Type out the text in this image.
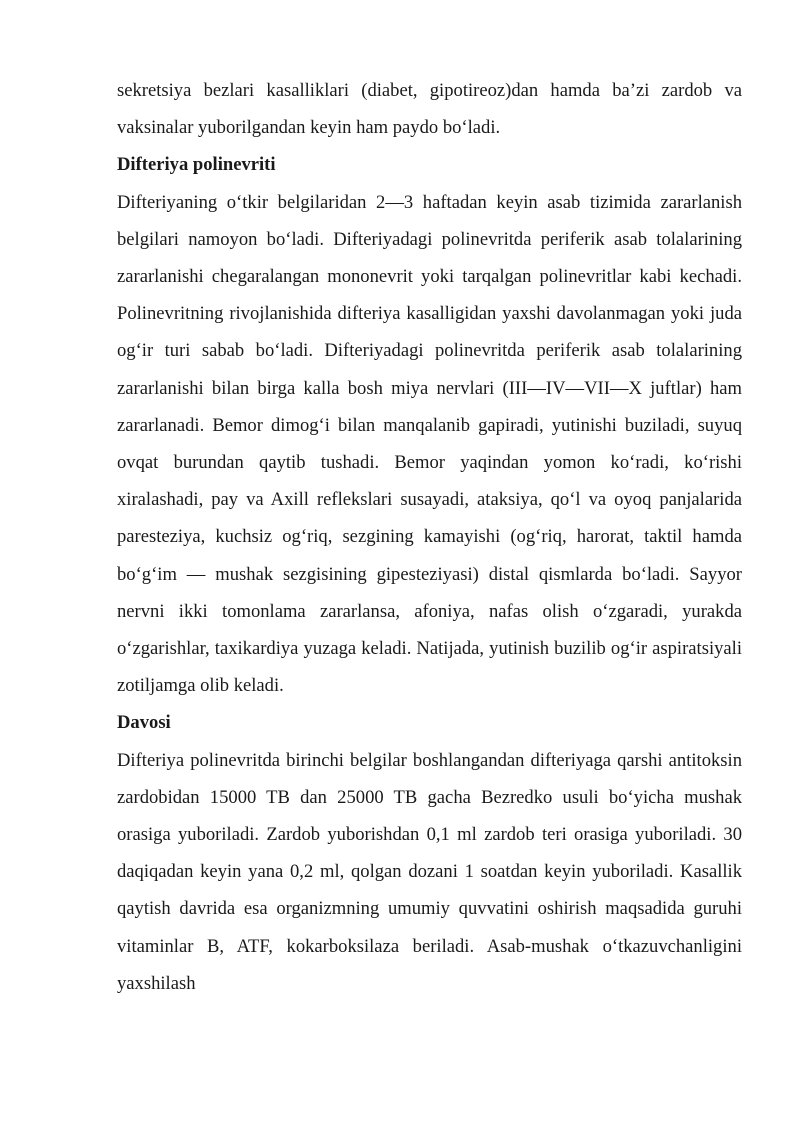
sekretsiya bezlari kasalliklari (diabet, gipotireoz)dan hamda ba’zi zardob va vaksinalar yuborilgandan keyin ham paydo bo‘ladi.

Difteriya polinevriti

Difteriyaning o‘tkir belgilaridan 2—3 haftadan keyin asab tizimida zararlanish belgilari namoyon bo‘ladi. Difteriyadagi polinevritda periferik asab tolalarining zararlanishi chegaralangan mononevrit yoki tarqalgan polinevritlar kabi kechadi. Polinevritning rivojlanishida difteriya kasalligidan yaxshi davolanmagan yoki juda og‘ir turi sabab bo‘ladi. Difteriyadagi polinevritda periferik asab tolalarining zararlanishi bilan birga kalla bosh miya nervlari (III—IV—VII—X juftlar) ham zararlanadi. Bemor dimog‘i bilan manqalanib gapiradi, yutinishi buziladi, suyuq ovqat burundan qaytib tushadi. Bemor yaqindan yomon ko‘radi, ko‘rishi xiralashadi, pay va Axill reflekslari susayadi, ataksiya, qo‘l va oyoq panjalarida paresteziya, kuchsiz og‘riq, sezgining kamayishi (og‘riq, harorat, taktil hamda bo‘g‘im — mushak sezgisining gipesteziyasi) distal qismlarda bo‘ladi. Sayyor nervni ikki tomonlama zararlansa, afoniya, nafas olish o‘zgaradi, yurakda o‘zgarishlar, taxikardiya yuzaga keladi. Natijada, yutinish buzilib og‘ir aspiratsiyali zotiljamga olib keladi.

Davosi

Difteriya polinevritda birinchi belgilar boshlangandan difteriyaga qarshi antitoksin zardobidan 15000 TB dan 25000 TB gacha Bezredko usuli bo‘yicha mushak orasiga yuboriladi. Zardob yuborishdan 0,1 ml zardob teri orasiga yuboriladi. 30 daqiqadan keyin yana 0,2 ml, qolgan dozani 1 soatdan keyin yuboriladi. Kasallik qaytish davrida esa organizmning umumiy quvvatini oshirish maqsadida guruhi vitaminlar B, ATF, kokarboksilaza beriladi. Asab-mushak o‘tkazuvchanligini yaxshilash
